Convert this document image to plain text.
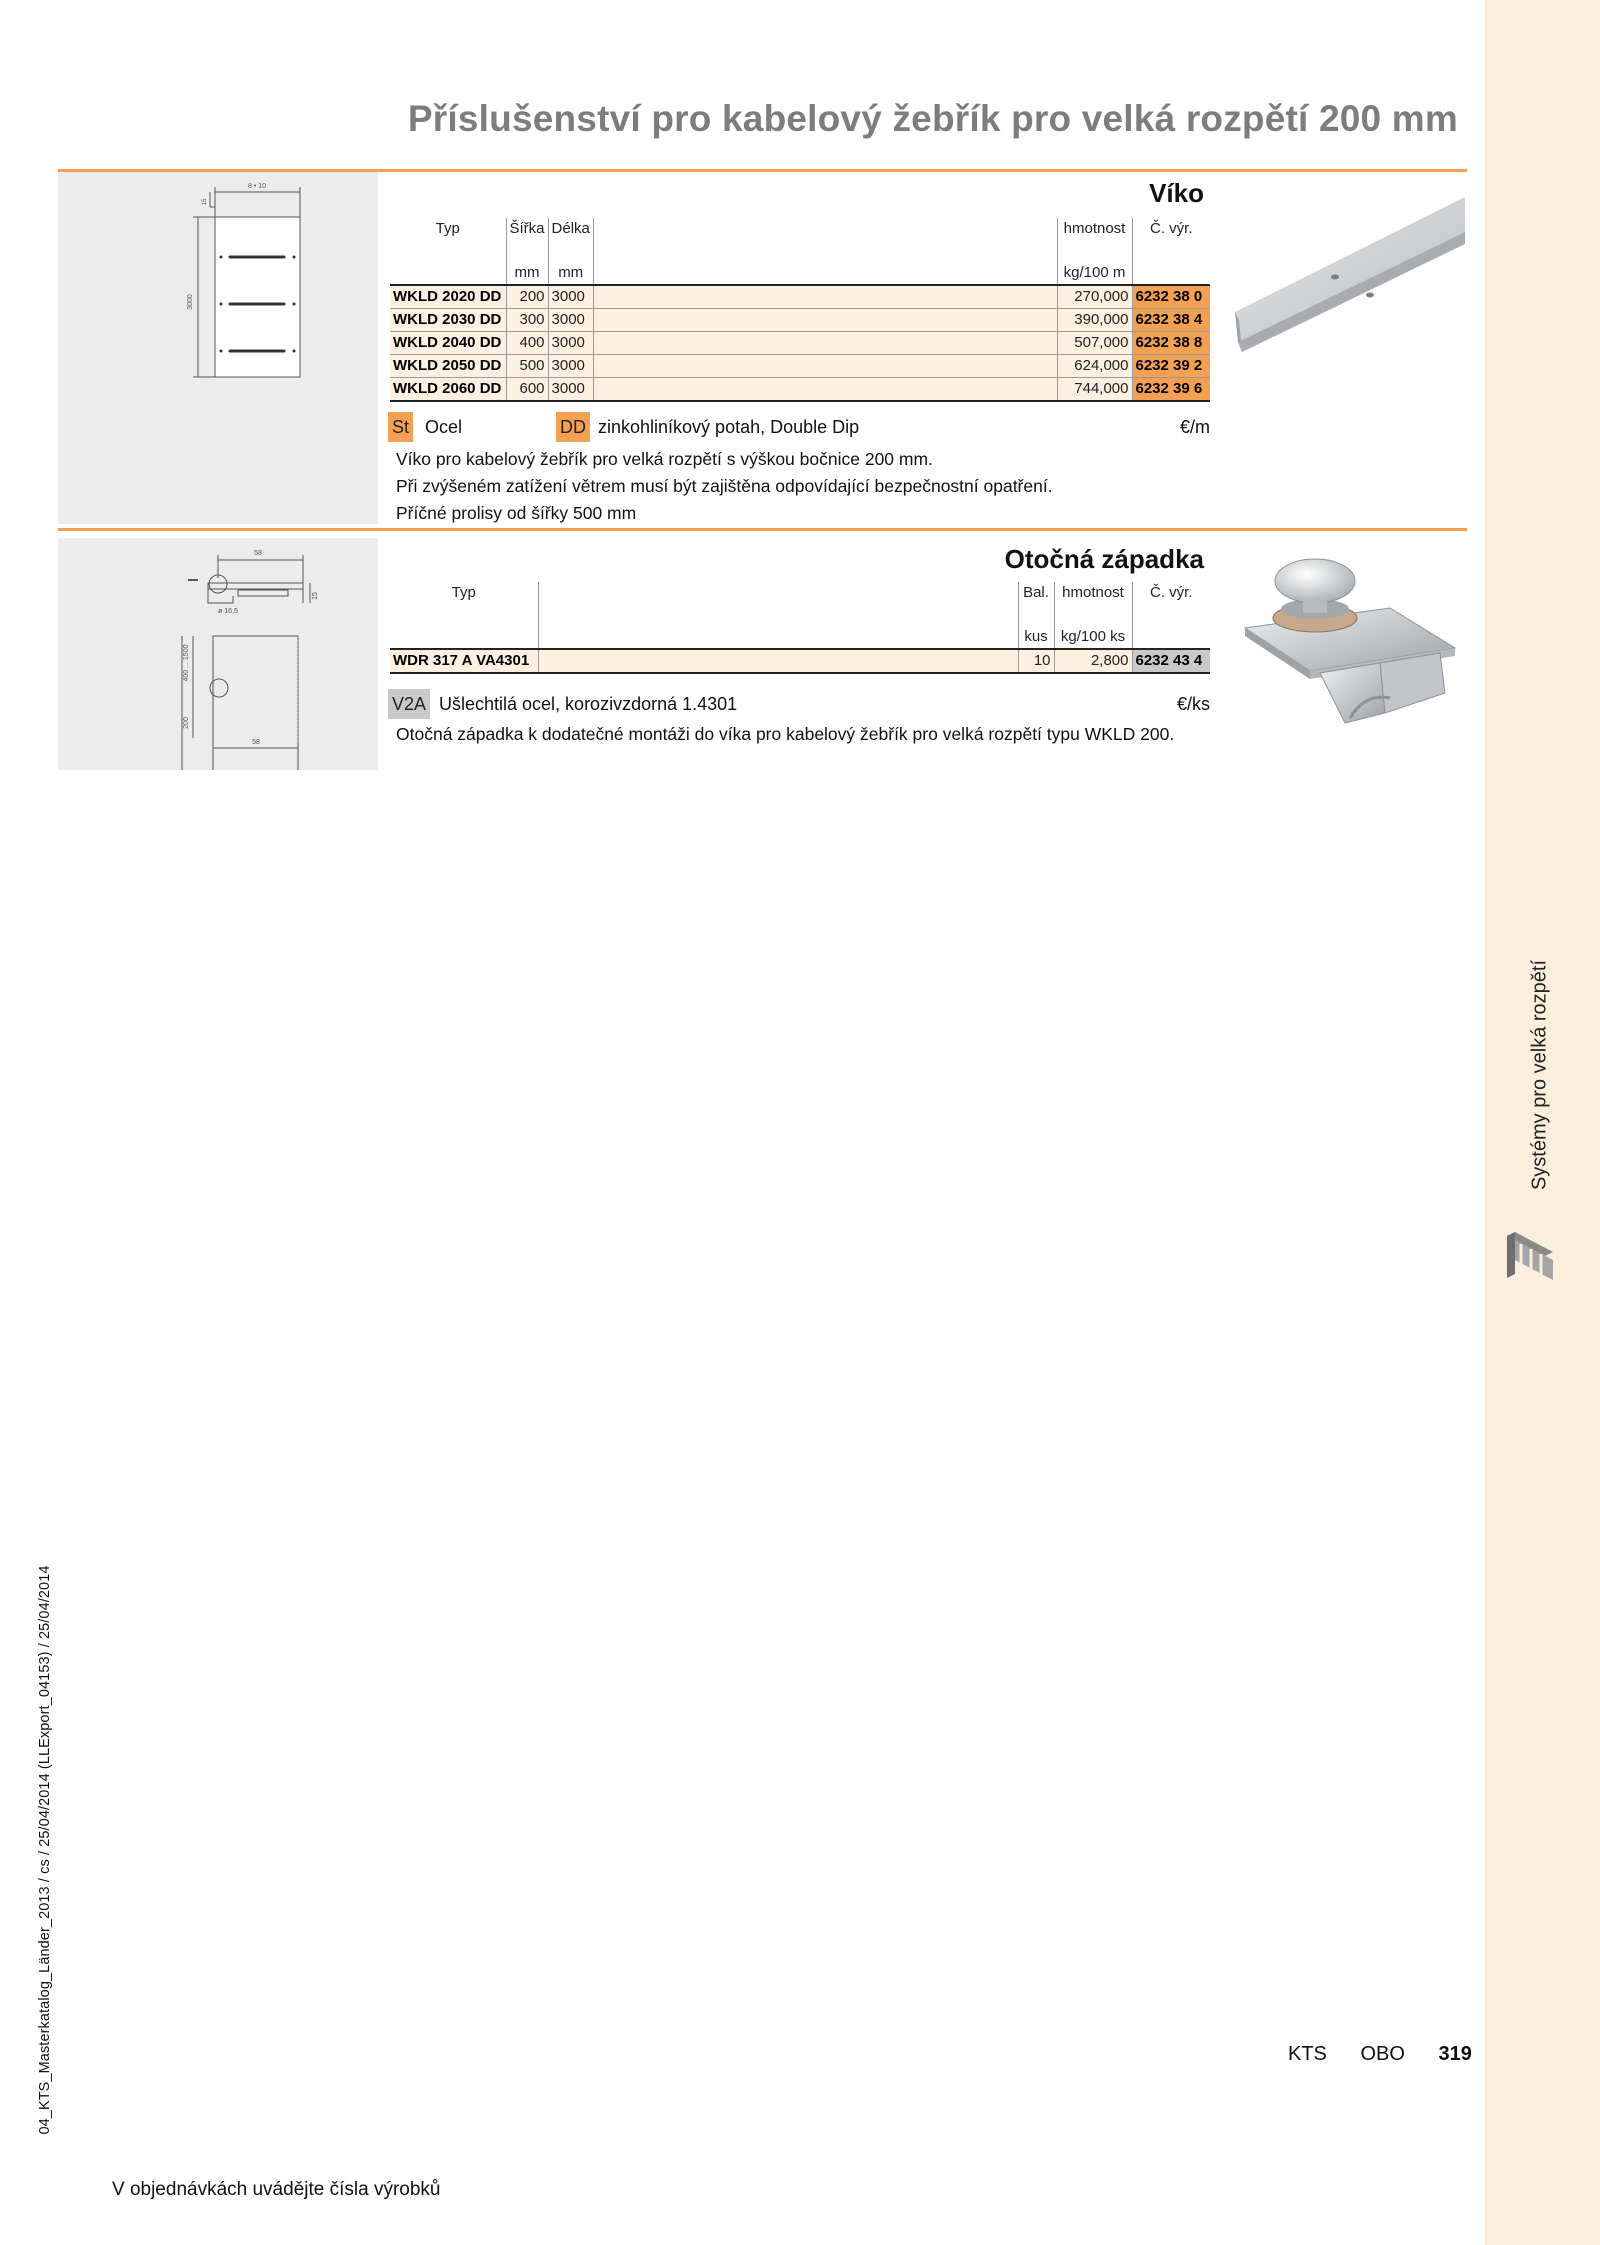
Systémy pro velká rozpětí
04_KTS_Masterkatalog_Länder_2013 / cs / 25/04/2014 (LLExport_04153) / 25/04/2014
Příslušenství pro kabelový žebřík pro velká rozpětí 200 mm
8 • 10
3000
15	Víko
Typ	Šířka	Délka		hmotnost	Č. výr.

	mm	mm		kg/100 m	
WKLD 2020 DD	200	3000		270,000	6232 38 0
WKLD 2030 DD	300	3000		390,000	6232 38 4
WKLD 2040 DD	400	3000		507,000	6232 38 8
WKLD 2050 DD	500	3000		624,000	6232 39 2
WKLD 2060 DD	600	3000		744,000	6232 39 6
St Ocel	DD zinkohliníkový potah, Double Dip	€/m

Víko pro kabelový žebřík pro velká rozpětí s výškou bočnice 200 mm.

Při zvýšeném zatížení větrem musí být zajištěna odpovídající bezpečnostní opatření.

Příčné prolisy od šířky 500 mm

58
15
ø 16,5
200
400 ... 1500
58
Otočná západka
Typ		Bal.	hmotnost	Č. výr.

		kus	kg/100 ks	
WDR 317 A VA4301		10	2,800	6232 43 4
V2A Ušlechtilá ocel, korozivzdorná 1.4301	€/ks

Otočná západka k dodatečné montáži do víka pro kabelový žebřík pro velká rozpětí typu WKLD 200.

V objednávkách uvádějte čísla výrobků
KTS OBO 319
